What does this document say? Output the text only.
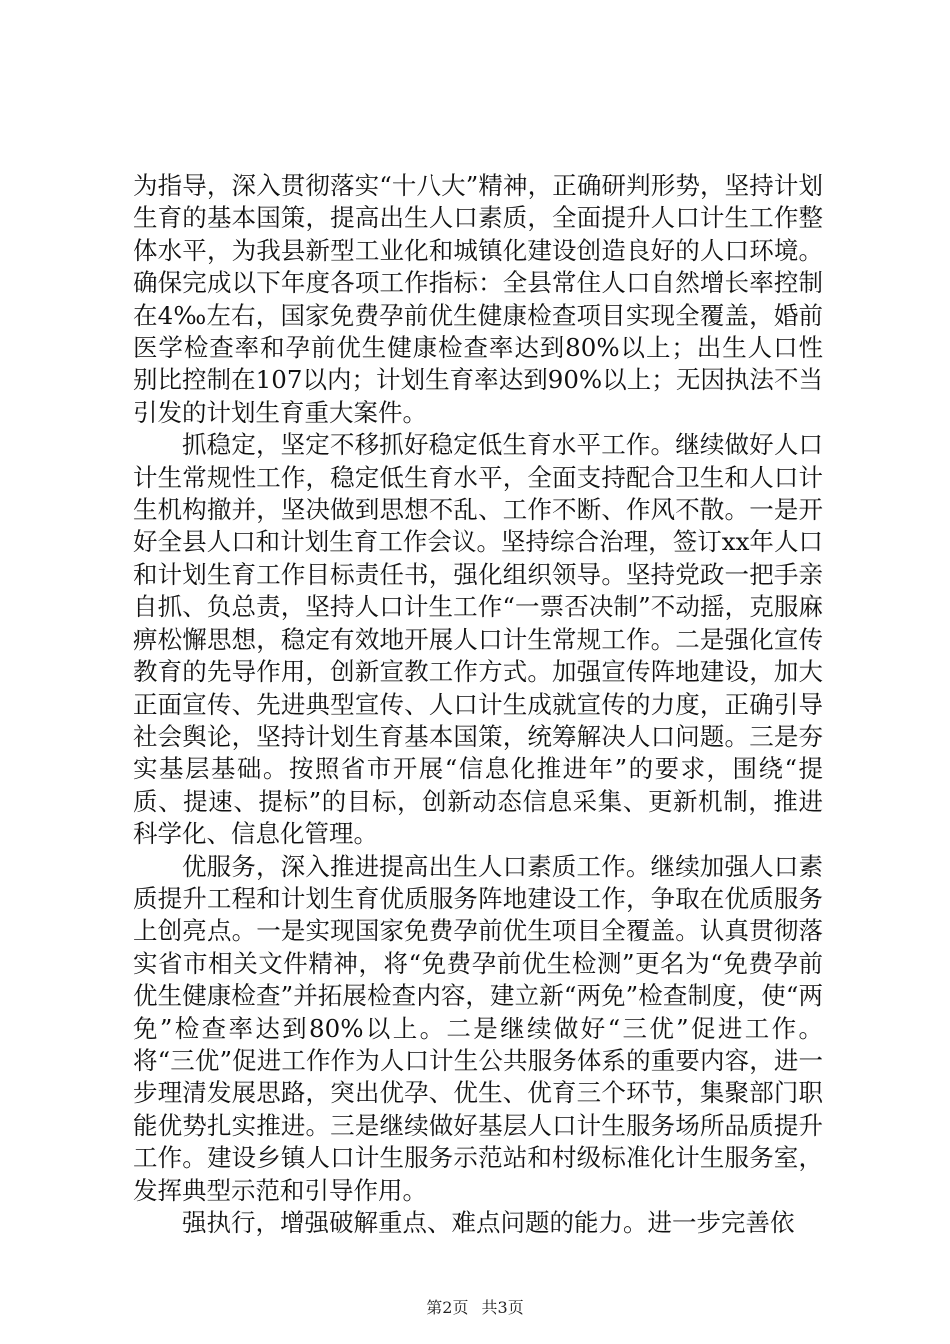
为指导，深入贯彻落实“十八大”精神，正确研判形势，坚持计划生育的基本国策，提高出生人口素质，全面提升人口计生工作整体水平，为我县新型工业化和城镇化建设创造良好的人口环境。确保完成以下年度各项工作指标：全县常住人口自然增长率控制在4‰左右，国家免费孕前优生健康检查项目实现全覆盖，婚前医学检查率和孕前优生健康检查率达到80%以上；出生人口性别比控制在107以内；计划生育率达到90%以上；无因执法不当引发的计划生育重大案件。

抓稳定，坚定不移抓好稳定低生育水平工作。继续做好人口计生常规性工作，稳定低生育水平，全面支持配合卫生和人口计生机构撤并，坚决做到思想不乱、工作不断、作风不散。一是开好全县人口和计划生育工作会议。坚持综合治理，签订xx年人口和计划生育工作目标责任书，强化组织领导。坚持党政一把手亲自抓、负总责，坚持人口计生工作“一票否决制”不动摇，克服麻痹松懈思想，稳定有效地开展人口计生常规工作。二是强化宣传教育的先导作用，创新宣教工作方式。加强宣传阵地建设，加大正面宣传、先进典型宣传、人口计生成就宣传的力度，正确引导社会舆论，坚持计划生育基本国策，统筹解决人口问题。三是夯实基层基础。按照省市开展“信息化推进年”的要求，围绕“提质、提速、提标”的目标，创新动态信息采集、更新机制，推进科学化、信息化管理。

优服务，深入推进提高出生人口素质工作。继续加强人口素质提升工程和计划生育优质服务阵地建设工作，争取在优质服务上创亮点。一是实现国家免费孕前优生项目全覆盖。认真贯彻落实省市相关文件精神，将“免费孕前优生检测”更名为“免费孕前优生健康检查”并拓展检查内容，建立新“两免”检查制度，使“两免”检查率达到80%以上。二是继续做好“三优”促进工作。将“三优”促进工作作为人口计生公共服务体系的重要内容，进一步理清发展思路，突出优孕、优生、优育三个环节，集聚部门职能优势扎实推进。三是继续做好基层人口计生服务场所品质提升工作。建设乡镇人口计生服务示范站和村级标准化计生服务室，发挥典型示范和引导作用。

强执行，增强破解重点、难点问题的能力。进一步完善依

第2页 共3页
